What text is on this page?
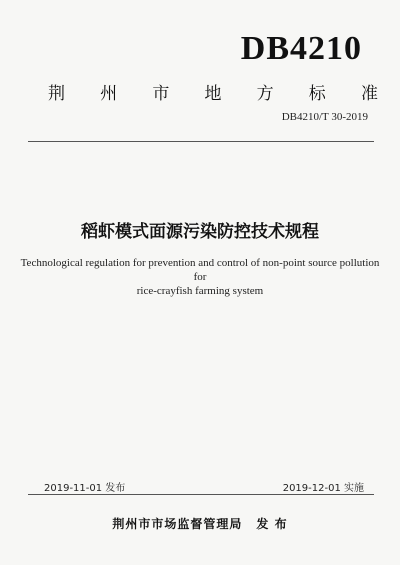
DB4210
荆 州 市 地 方 标 准
DB4210/T 30-2019
稻虾模式面源污染防控技术规程
Technological regulation for prevention and control of non-point source pollution for
rice-crayfish farming system
2019-11-01 发布	2019-12-01 实施
荆州市市场监督管理局 发 布
